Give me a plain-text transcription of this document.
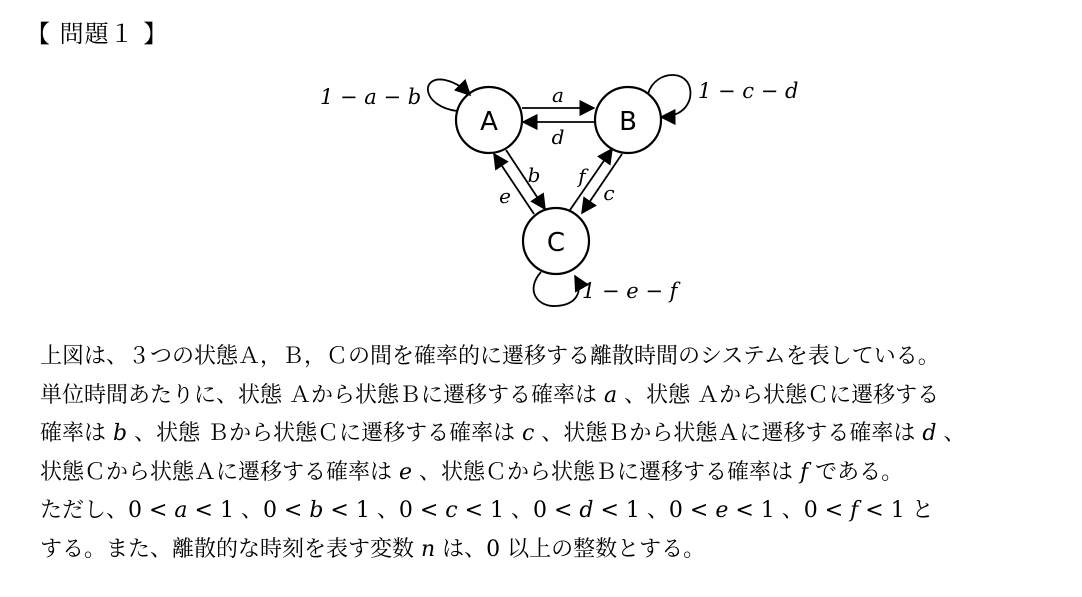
【 問題１ 】
A	B
C
a
d
b
e
f
c
1 − a − b	1 − c − d
1 − e − f
上図は、３つの状態Ａ，Ｂ，Ｃの間を確率的に遷移する離散時間のシステムを表している。
単位時間あたりに、状態 Ａから状態Ｂに遷移する確率は 𝑎 、状態 Ａから状態Ｃに遷移する
確率は 𝑏 、状態 Ｂから状態Ｃに遷移する確率は 𝑐 、状態Ｂから状態Ａに遷移する確率は 𝑑 、
状態Ｃから状態Ａに遷移する確率は 𝑒 、状態Ｃから状態Ｂに遷移する確率は 𝑓 である。
ただし、0 < 𝑎 < 1 、0 < 𝑏 < 1 、0 < 𝑐 < 1 、0 < 𝑑 < 1 、0 < 𝑒 < 1 、0 < 𝑓 < 1 と
する。また、離散的な時刻を表す変数 𝑛 は、0 以上の整数とする。
